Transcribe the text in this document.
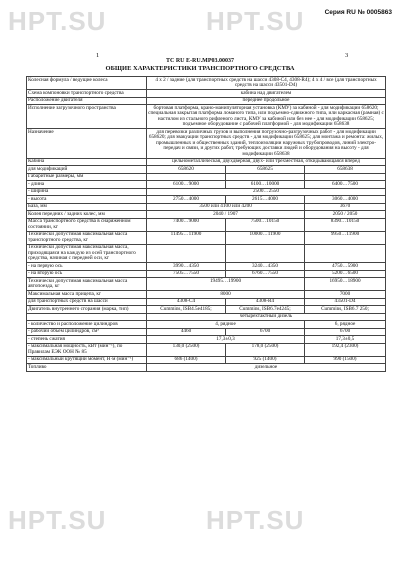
HPT.SU	HPT.SU
HPT.SU	HPT.SU
Серия RU № 0005863
1	3
ТС RU Е-RU.МР03.00037
ОБЩИЕ ХАРАКТЕРИСТИКИ ТРАНСПОРТНОГО СРЕДСТВА
Колесная формула / ведущие колеса	4 x 2 / задние (для транспортных средств на шасси 4308-С4, 4308-R4); 4 x 4 / все (для транспортных средств на шасси 43501-D4)		
Схема компоновки транспортного средства	кабина над двигателем		
Расположение двигателя	переднее продольное		
Исполнение загрузочного пространства	бортовая платформа, крано-манипуляторная установка (КМУ) за кабиной - для модификации 658620; специальная закрытая платформа ломаного типа, или подъемно-сдвижного типа, или каркасная (рамная) с настилом из стального рифленого листа, КМУ за кабиной или без нее - для модификации 658625; подъемное оборудование с рабочей платформой - для модификации 658638		
Назначение	для перевозки различных грузов и выполнения погрузочно-разгрузочных работ - для модификации 658620; для эвакуации транспортных средств - для модификации 658625; для монтажа и ремонта: жилых, промышленных и общественных зданий, теплоизоляции наружных трубопроводов, линий электро-передач и связи, и других работ, требующих доставки людей и оборудования на высоту - для модификации 658638		
Кабина	цельнометаллическая, двухдверная, двух- или трехместная, откидывающаяся вперед		
для модификаций	658620	658625	658638
Габаритные размеры, мм			
- длина	6100…9000	6100…10000	6400…7500
- ширина	2500…2550		
- высота	2750…4000	2615…4000	3060…4000
База, мм	3500 или 4100 или 4200		3670
Колея передних / задних колес, мм	2040 / 1907		2050 / 2050
Масса транспортного средства в снаряженном состоянии, кг	7400…9000	7500…10150	8390…10150
Технически допустимая максимальная масса транспортного средства, кг	11495…11900	10000…11900	9950…11900
Технически допустимая максимальная масса, приходящаяся на каждую из осей транспортного средства, начиная с передней оси, кг			
- на первую ось	3990…4350	3240…4350	4750…5900
- на вторую ось	7505…7550	6760…7550	5200…6500
Технически допустимая максимальная масса автопоезда, кг	19495…19900		16950…18900
Максимальная масса прицепа, кг	8000		7000
для транспортных средств на шасси	4308-С4	4308-R4	43501-D4
Двигатель внутреннего сгорания (марка, тип)	Cummins, ISB4.5e4185;	Cummins, ISB6.7e4245;	Cummins, ISB6.7 250;
	четырехтактный дизель		
- количество и расположение цилиндров	4, рядное		6, рядное
- рабочий объем цилиндров, см³	4460	6700	6700
- степень сжатия	17,3±0,3		17,3±0,5
- максимальная мощность, кВт (мин⁻¹), по Правилам ЕЭК ООН № 85	130,0 (2500)	178,0 (2500)	192,4 (2300)
- максимальный крутящий момент, Н·м (мин⁻¹)	686 (1400)	925 (1400)	990 (1500)
Топливо	дизельное		
